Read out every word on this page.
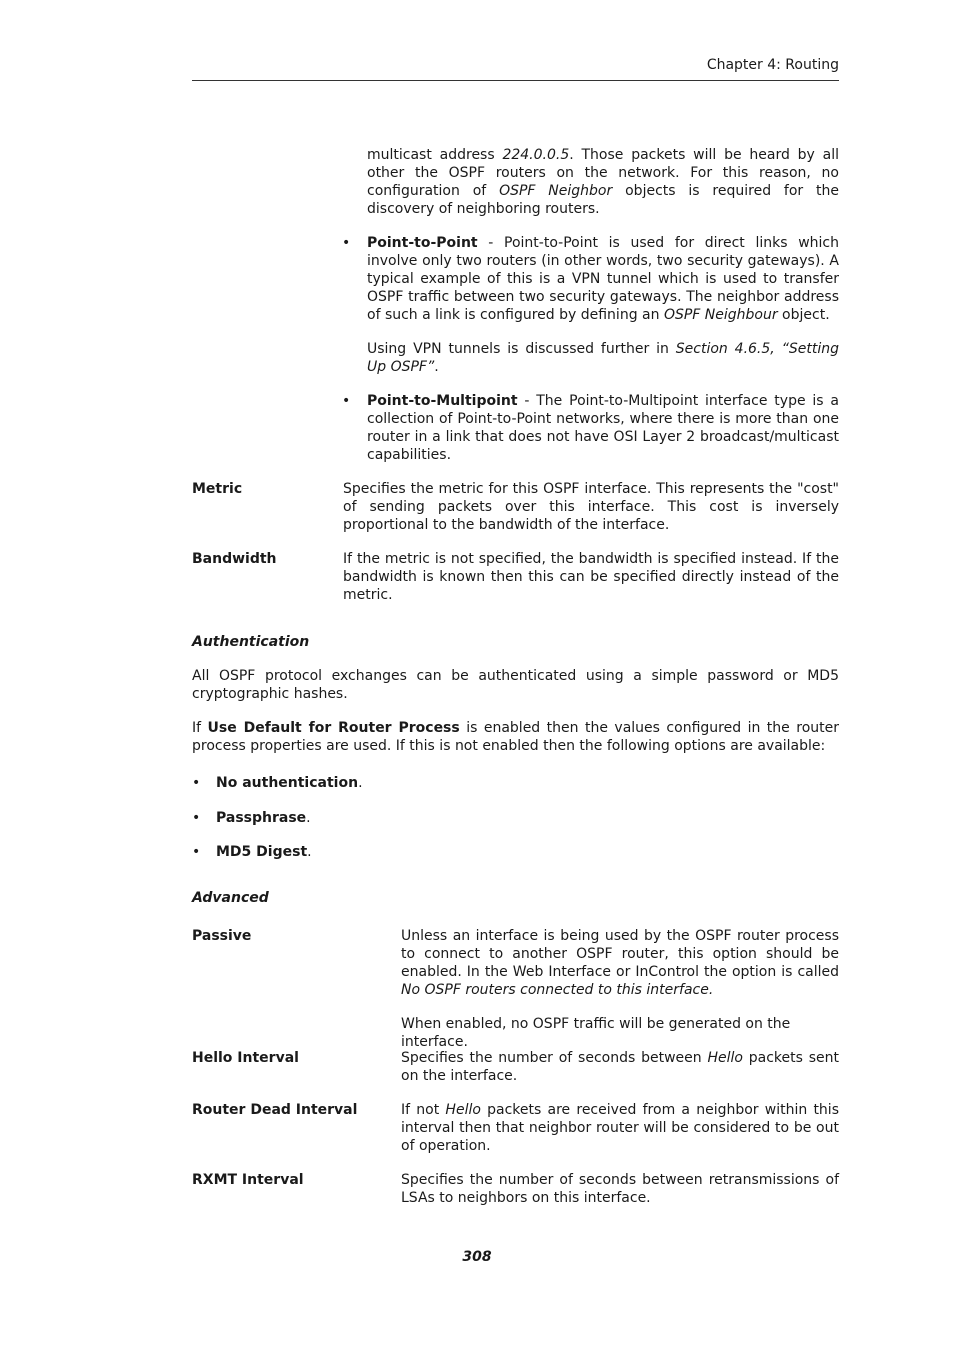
Chapter 4: Routing
multicast address 224.0.0.5. Those packets will be heard by all other the OSPF routers on the network. For this reason, no configuration of OSPF Neighbor objects is required for the discovery of neighboring routers.
•	Point-to-Point - Point-to-Point is used for direct links which involve only two routers (in other words, two security gateways). A typical example of this is a VPN tunnel which is used to transfer OSPF traffic between two security gateways. The neighbor address of such a link is configured by defining an OSPF Neighbour object.
Using VPN tunnels is discussed further in Section 4.6.5, “Setting Up OSPF”.
•	Point-to-Multipoint - The Point-to-Multipoint interface type is a collection of Point-to-Point networks, where there is more than one router in a link that does not have OSI Layer 2 broadcast/multicast capabilities.
Metric	Specifies the metric for this OSPF interface. This represents the "cost" of sending packets over this interface. This cost is inversely proportional to the bandwidth of the interface.
Bandwidth	If the metric is not specified, the bandwidth is specified instead. If the bandwidth is known then this can be specified directly instead of the metric.
Authentication
All OSPF protocol exchanges can be authenticated using a simple password or MD5 cryptographic hashes.
If Use Default for Router Process is enabled then the values configured in the router process properties are used. If this is not enabled then the following options are available:
•	No authentication.
•	Passphrase.
•	MD5 Digest.
Advanced
Passive	Unless an interface is being used by the OSPF router process to connect to another OSPF router, this option should be enabled. In the Web Interface or InControl the option is called No OSPF routers connected to this interface.
When enabled, no OSPF traffic will be generated on the interface.
Hello Interval	Specifies the number of seconds between Hello packets sent on the interface.
Router Dead Interval	If not Hello packets are received from a neighbor within this interval then that neighbor router will be considered to be out of operation.
RXMT Interval	Specifies the number of seconds between retransmissions of LSAs to neighbors on this interface.
308
